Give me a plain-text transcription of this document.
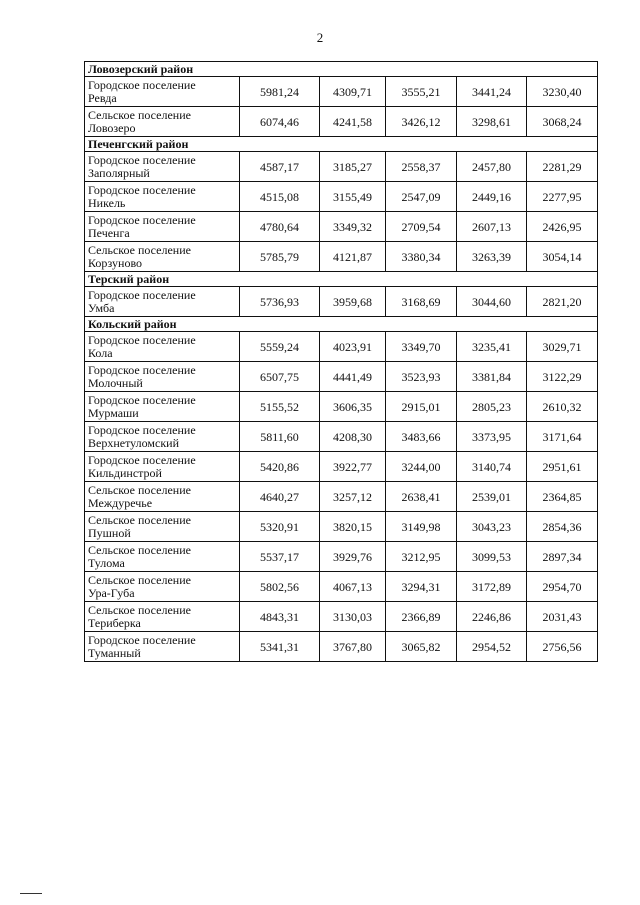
2
Ловозерский район					

Городское поселение
Ревда	5981,24	4309,71	3555,21	3441,24	3230,40

Сельское поселение
Ловозеро	6074,46	4241,58	3426,12	3298,61	3068,24
Печенгский район					

Городское поселение
Заполярный	4587,17	3185,27	2558,37	2457,80	2281,29

Городское поселение
Никель	4515,08	3155,49	2547,09	2449,16	2277,95

Городское поселение
Печенга	4780,64	3349,32	2709,54	2607,13	2426,95

Сельское поселение
Корзуново	5785,79	4121,87	3380,34	3263,39	3054,14
Терский район					

Городское поселение
Умба	5736,93	3959,68	3168,69	3044,60	2821,20
Кольский район					

Городское поселение
Кола	5559,24	4023,91	3349,70	3235,41	3029,71

Городское поселение
Молочный	6507,75	4441,49	3523,93	3381,84	3122,29

Городское поселение
Мурмаши	5155,52	3606,35	2915,01	2805,23	2610,32

Городское поселение
Верхнетуломский	5811,60	4208,30	3483,66	3373,95	3171,64

Городское поселение
Кильдинстрой	5420,86	3922,77	3244,00	3140,74	2951,61

Сельское поселение
Междуречье	4640,27	3257,12	2638,41	2539,01	2364,85

Сельское поселение
Пушной	5320,91	3820,15	3149,98	3043,23	2854,36

Сельское поселение
Тулома	5537,17	3929,76	3212,95	3099,53	2897,34

Сельское поселение
Ура-Губа	5802,56	4067,13	3294,31	3172,89	2954,70

Сельское поселение
Териберка	4843,31	3130,03	2366,89	2246,86	2031,43

Городское поселение
Туманный	5341,31	3767,80	3065,82	2954,52	2756,56
